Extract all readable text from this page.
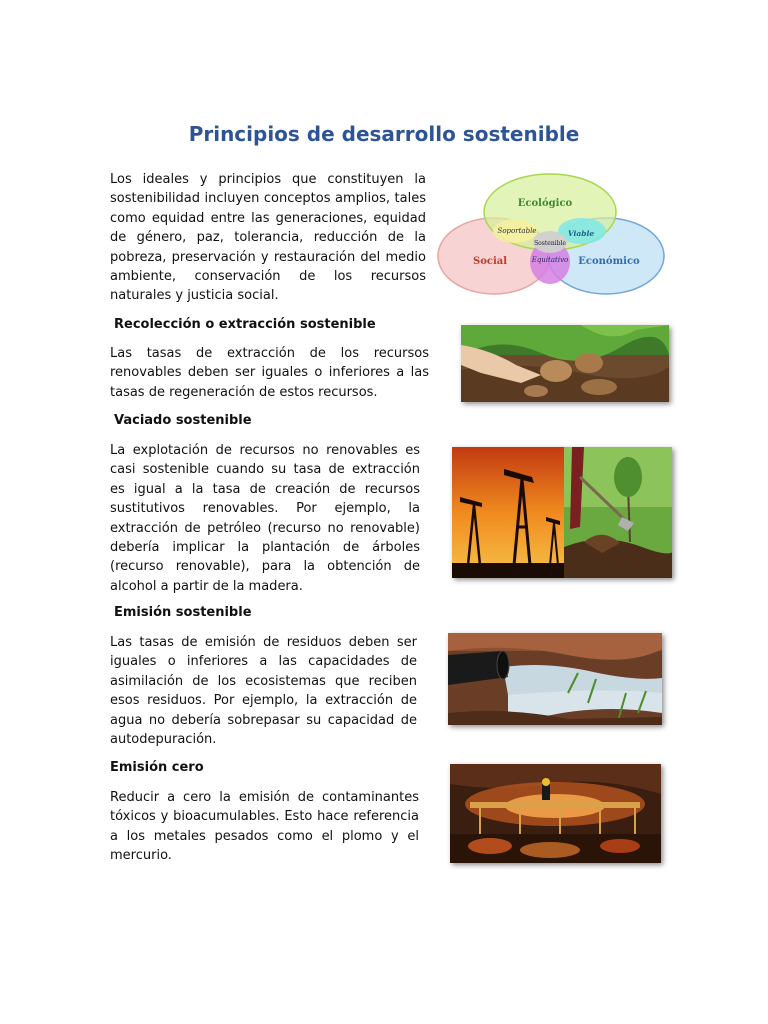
Principios de desarrollo sostenible
Los ideales y principios que constituyen la sostenibilidad incluyen conceptos amplios, tales como equidad entre las generaciones, equidad de género, paz, tolerancia, reducción de la pobreza, preservación y restauración del medio ambiente, conservación de los recursos naturales y justicia social.
Ecológico
Social	Económico
Soportable	Viable
Equitativo
Sostenible
Recolección o extracción sostenible
Las tasas de extracción de los recursos renovables deben ser iguales o inferiores a las tasas de regeneración de estos recursos.
Vaciado sostenible
La explotación de recursos no renovables es casi sostenible cuando su tasa de extracción es igual a la tasa de creación de recursos sustitutivos renovables. Por ejemplo, la extracción de petróleo (recurso no renovable) debería implicar la plantación de árboles (recurso renovable), para la obtención de alcohol a partir de la madera.
Emisión sostenible
Las tasas de emisión de residuos deben ser iguales o inferiores a las capacidades de asimilación de los ecosistemas que reciben esos residuos. Por ejemplo, la extracción de agua no debería sobrepasar su capacidad de autodepuración.
Emisión cero
Reducir a cero la emisión de contaminantes tóxicos y bioacumulables. Esto hace referencia a los metales pesados como el plomo y el mercurio.
